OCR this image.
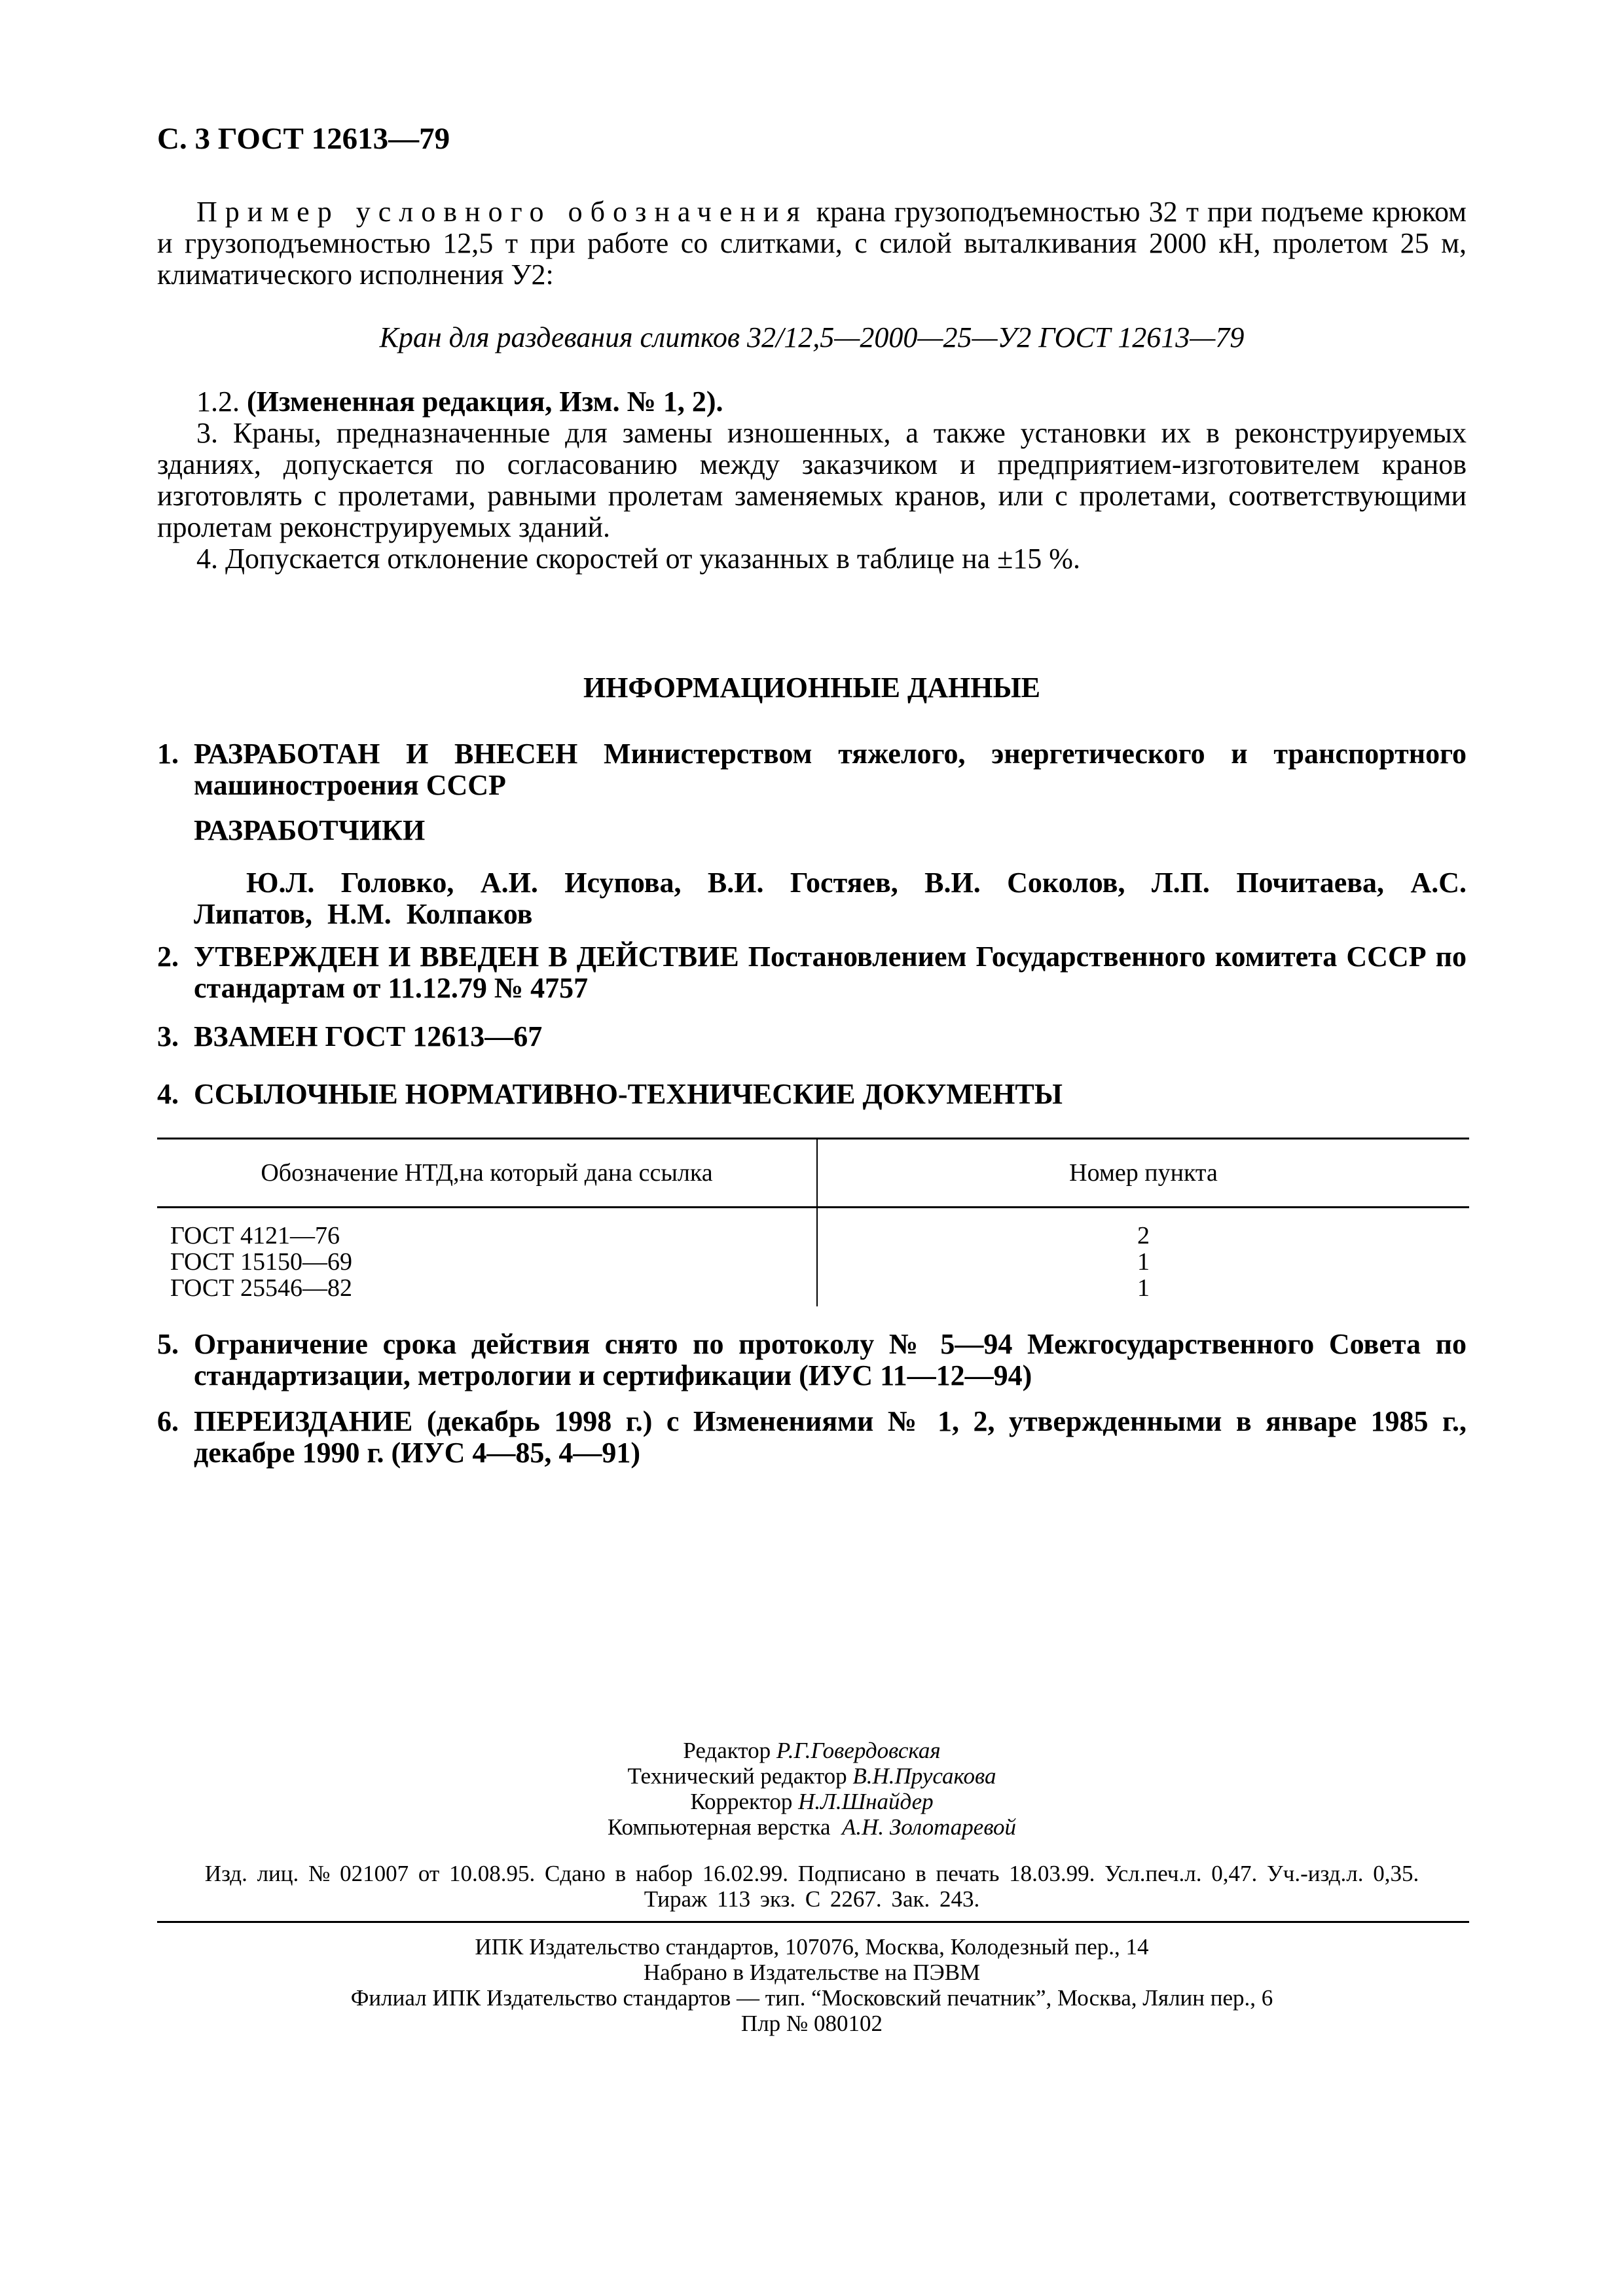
С. 3 ГОСТ 12613—79
Пример условного обозначения крана грузоподъемностью 32 т при подъеме крюком и грузоподъемностью 12,5 т при работе со слитками, с силой выталкивания 2000 кН, пролетом 25 м, климатического исполнения У2:
Кран для раздевания слитков 32/12,5—2000—25—У2 ГОСТ 12613—79
1.2. (Измененная редакция, Изм. № 1, 2).
3. Краны, предназначенные для замены изношенных, а также установки их в реконструируемых зданиях, допускается по согласованию между заказчиком и предприятием-изготовителем кранов изготовлять с пролетами, равными пролетам заменяемых кранов, или с пролетами, соответствующими пролетам реконструируемых зданий.
4. Допускается отклонение скоростей от указанных в таблице на ±15 %.
ИНФОРМАЦИОННЫЕ ДАННЫЕ
1. РАЗРАБОТАН И ВНЕСЕН Министерством тяжелого, энергетического и транспортного машиностроения СССР
РАЗРАБОТЧИКИ
Ю.Л. Головко, А.И. Исупова, В.И. Гостяев, В.И. Соколов, Л.П. Почитаева, А.С. Липатов, Н.М. Колпаков
2. УТВЕРЖДЕН И ВВЕДЕН В ДЕЙСТВИЕ Постановлением Государственного комитета СССР по стандартам от 11.12.79 № 4757
3. ВЗАМЕН ГОСТ 12613—67
4. ССЫЛОЧНЫЕ НОРМАТИВНО-ТЕХНИЧЕСКИЕ ДОКУМЕНТЫ
Обозначение НТД,на который дана ссылка	Номер пункта
ГОСТ 4121—76	2
ГОСТ 15150—69	1
ГОСТ 25546—82	1
5. Ограничение срока действия снято по протоколу № 5—94 Межгосударственного Совета по стандартизации, метрологии и сертификации (ИУС 11—12—94)
6. ПЕРЕИЗДАНИЕ (декабрь 1998 г.) с Изменениями № 1, 2, утвержденными в январе 1985 г., декабре 1990 г. (ИУС 4—85, 4—91)
Редактор Р.Г.Говердовская
Технический редактор В.Н.Прусакова
Корректор Н.Л.Шнайдер
Компьютерная верстка А.Н. Золотаревой
Изд. лиц. № 021007 от 10.08.95. Сдано в набор 16.02.99. Подписано в печать 18.03.99. Усл.печ.л. 0,47. Уч.-изд.л. 0,35.
Тираж 113 экз. С 2267. Зак. 243.
ИПК Издательство стандартов, 107076, Москва, Колодезный пер., 14
Набрано в Издательстве на ПЭВМ
Филиал ИПК Издательство стандартов — тип. “Московский печатник”, Москва, Лялин пер., 6
Плр № 080102
